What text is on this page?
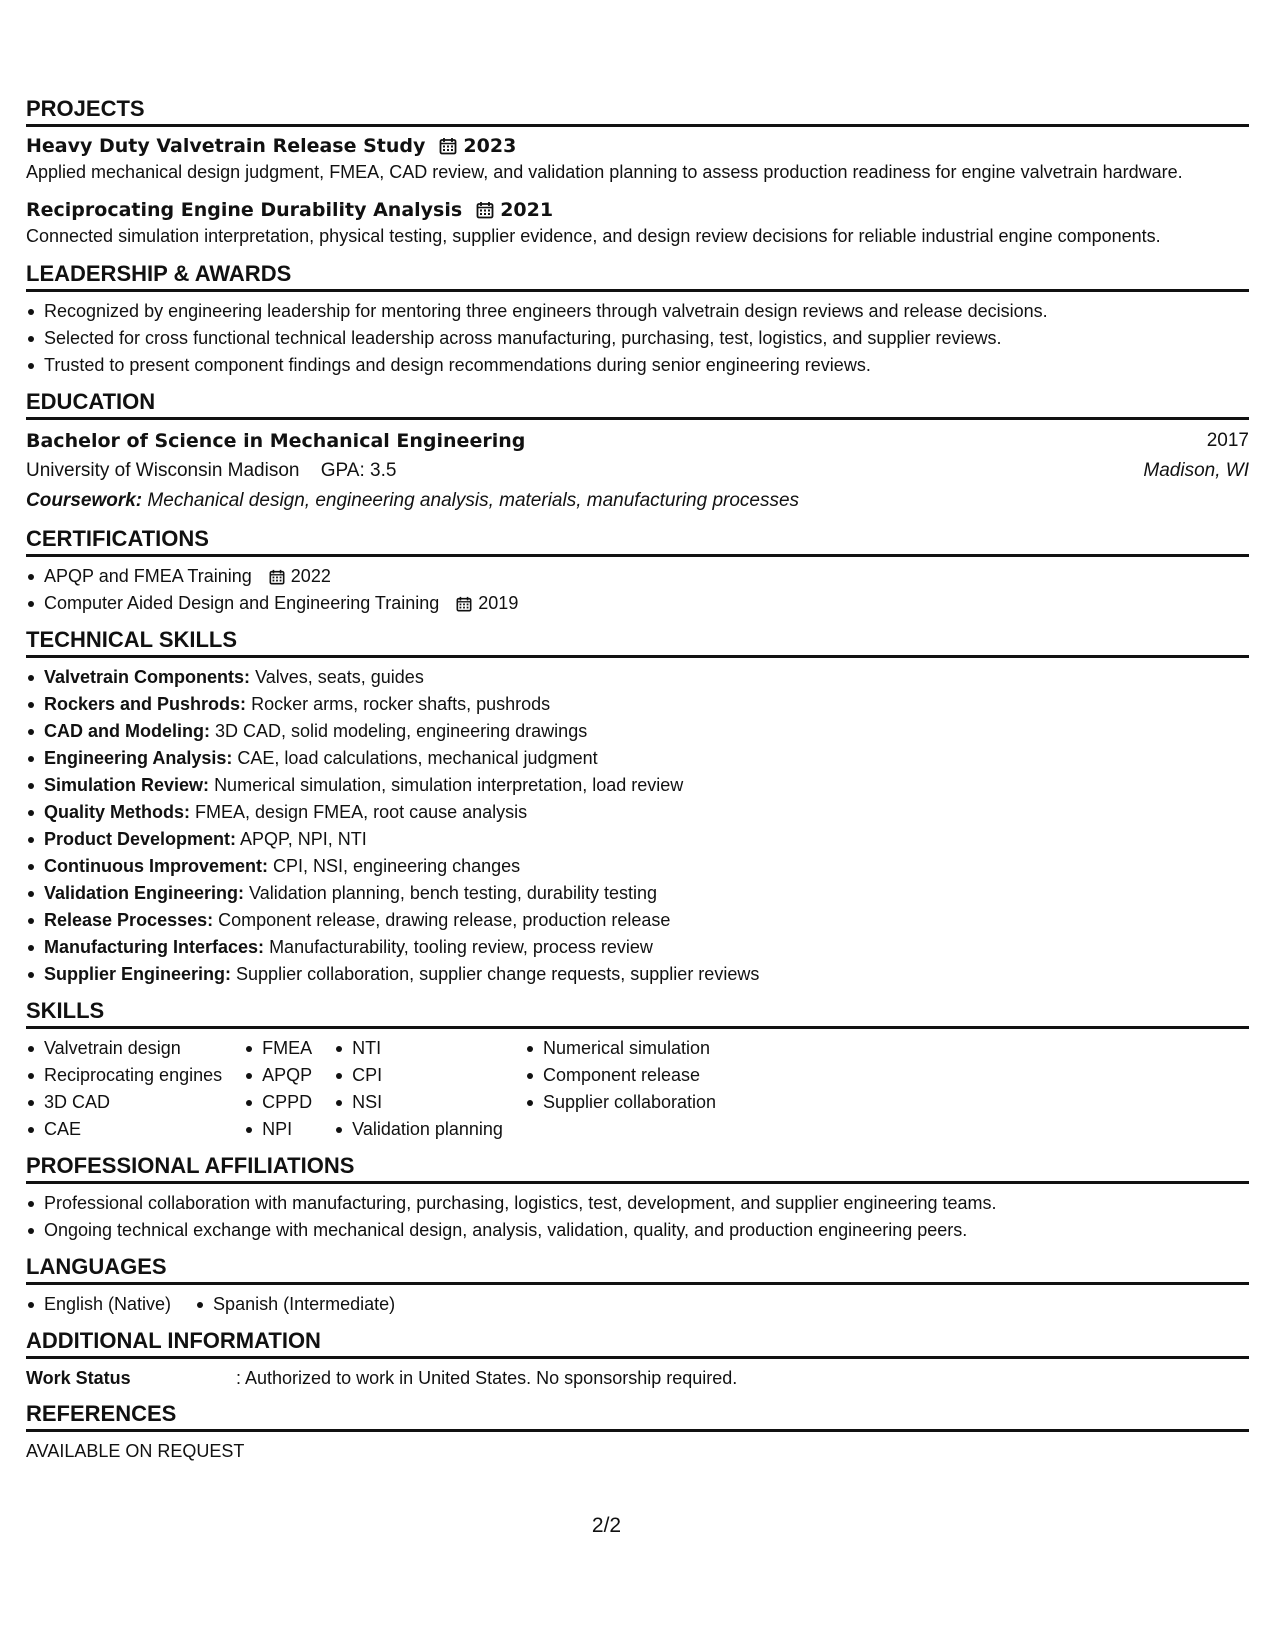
PROJECTS
Heavy Duty Valvetrain Release Study 2023
Applied mechanical design judgment, FMEA, CAD review, and validation planning to assess production readiness for engine valvetrain hardware.
Reciprocating Engine Durability Analysis 2021
Connected simulation interpretation, physical testing, supplier evidence, and design review decisions for reliable industrial engine components.
LEADERSHIP & AWARDS
Recognized by engineering leadership for mentoring three engineers through valvetrain design reviews and release decisions.
Selected for cross functional technical leadership across manufacturing, purchasing, test, logistics, and supplier reviews.
Trusted to present component findings and design recommendations during senior engineering reviews.
EDUCATION
Bachelor of Science in Mechanical Engineering	2017
University of Wisconsin Madison GPA: 3.5	Madison, WI
Coursework: Mechanical design, engineering analysis, materials, manufacturing processes
CERTIFICATIONS
APQP and FMEA Training 2022
Computer Aided Design and Engineering Training 2019
TECHNICAL SKILLS
Valvetrain Components: Valves, seats, guides
Rockers and Pushrods: Rocker arms, rocker shafts, pushrods
CAD and Modeling: 3D CAD, solid modeling, engineering drawings
Engineering Analysis: CAE, load calculations, mechanical judgment
Simulation Review: Numerical simulation, simulation interpretation, load review
Quality Methods: FMEA, design FMEA, root cause analysis
Product Development: APQP, NPI, NTI
Continuous Improvement: CPI, NSI, engineering changes
Validation Engineering: Validation planning, bench testing, durability testing
Release Processes: Component release, drawing release, production release
Manufacturing Interfaces: Manufacturability, tooling review, process review
Supplier Engineering: Supplier collaboration, supplier change requests, supplier reviews
SKILLS
Valvetrain design
Reciprocating engines
3D CAD
CAE
FMEA
APQP
CPPD
NPI
NTI
CPI
NSI
Validation planning
Numerical simulation
Component release
Supplier collaboration
PROFESSIONAL AFFILIATIONS
Professional collaboration with manufacturing, purchasing, logistics, test, development, and supplier engineering teams.
Ongoing technical exchange with mechanical design, analysis, validation, quality, and production engineering peers.
LANGUAGES
English (Native)	Spanish (Intermediate)
ADDITIONAL INFORMATION
Work Status	: Authorized to work in United States. No sponsorship required.
REFERENCES
AVAILABLE ON REQUEST
2/2
